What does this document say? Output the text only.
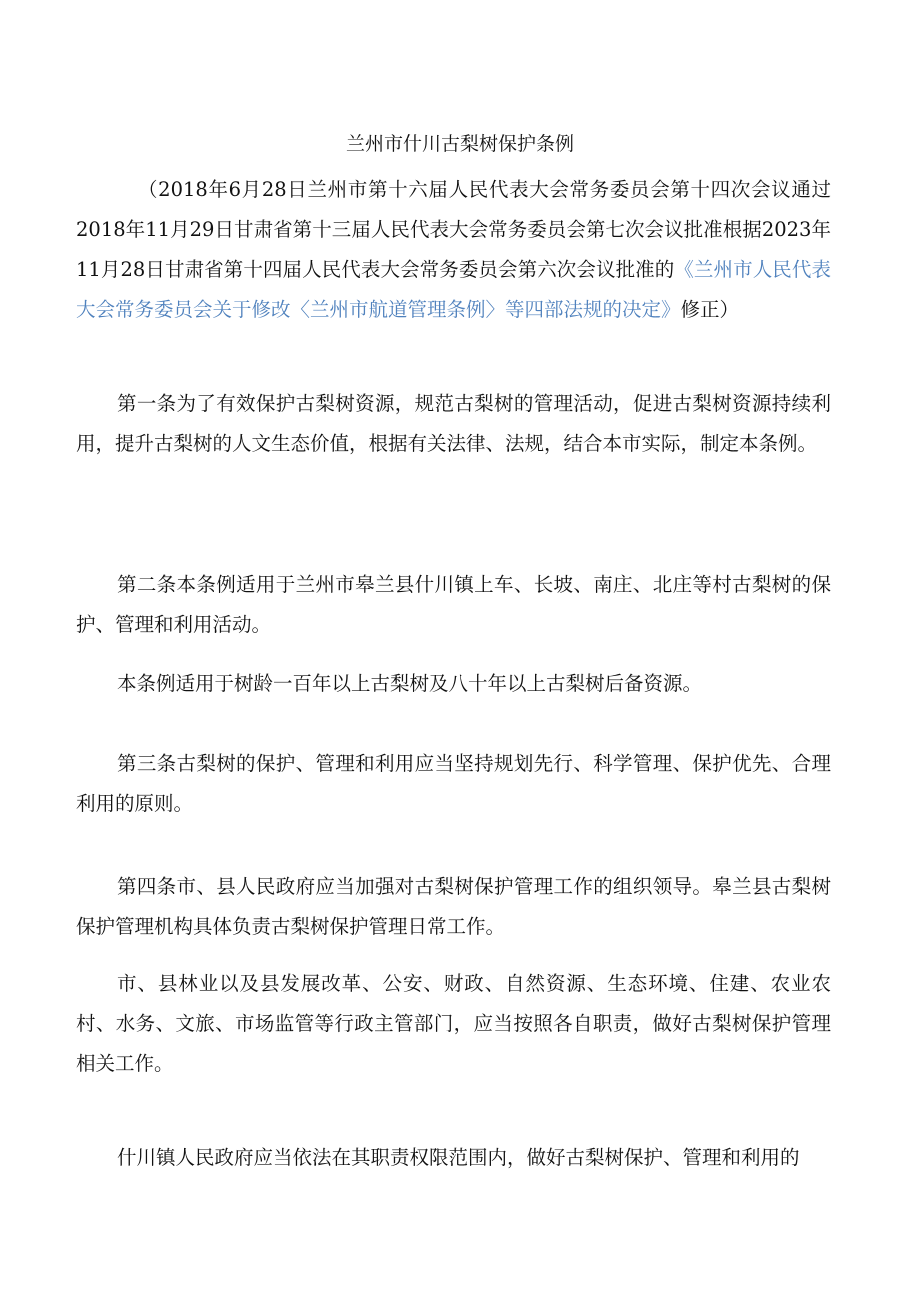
兰州市什川古梨树保护条例
（2018年6月28日兰州市第十六届人民代表大会常务委员会第十四次会议通过 2018年11月29日甘肃省第十三届人民代表大会常务委员会第七次会议批准根据2023年11月28日甘肃省第十四届人民代表大会常务委员会第六次会议批准的《兰州市人民代表大会常务委员会关于修改〈兰州市航道管理条例〉等四部法规的决定》修正）

第一条为了有效保护古梨树资源，规范古梨树的管理活动，促进古梨树资源持续利用，提升古梨树的人文生态价值，根据有关法律、法规，结合本市实际，制定本条例。

第二条本条例适用于兰州市皋兰县什川镇上车、长坡、南庄、北庄等村古梨树的保护、管理和利用活动。

本条例适用于树龄一百年以上古梨树及八十年以上古梨树后备资源。

第三条古梨树的保护、管理和利用应当坚持规划先行、科学管理、保护优先、合理利用的原则。

第四条市、县人民政府应当加强对古梨树保护管理工作的组织领导。皋兰县古梨树保护管理机构具体负责古梨树保护管理日常工作。

市、县林业以及县发展改革、公安、财政、自然资源、生态环境、住建、农业农村、水务、文旅、市场监管等行政主管部门，应当按照各自职责，做好古梨树保护管理相关工作。

什川镇人民政府应当依法在其职责权限范围内，做好古梨树保护、管理和利用的
